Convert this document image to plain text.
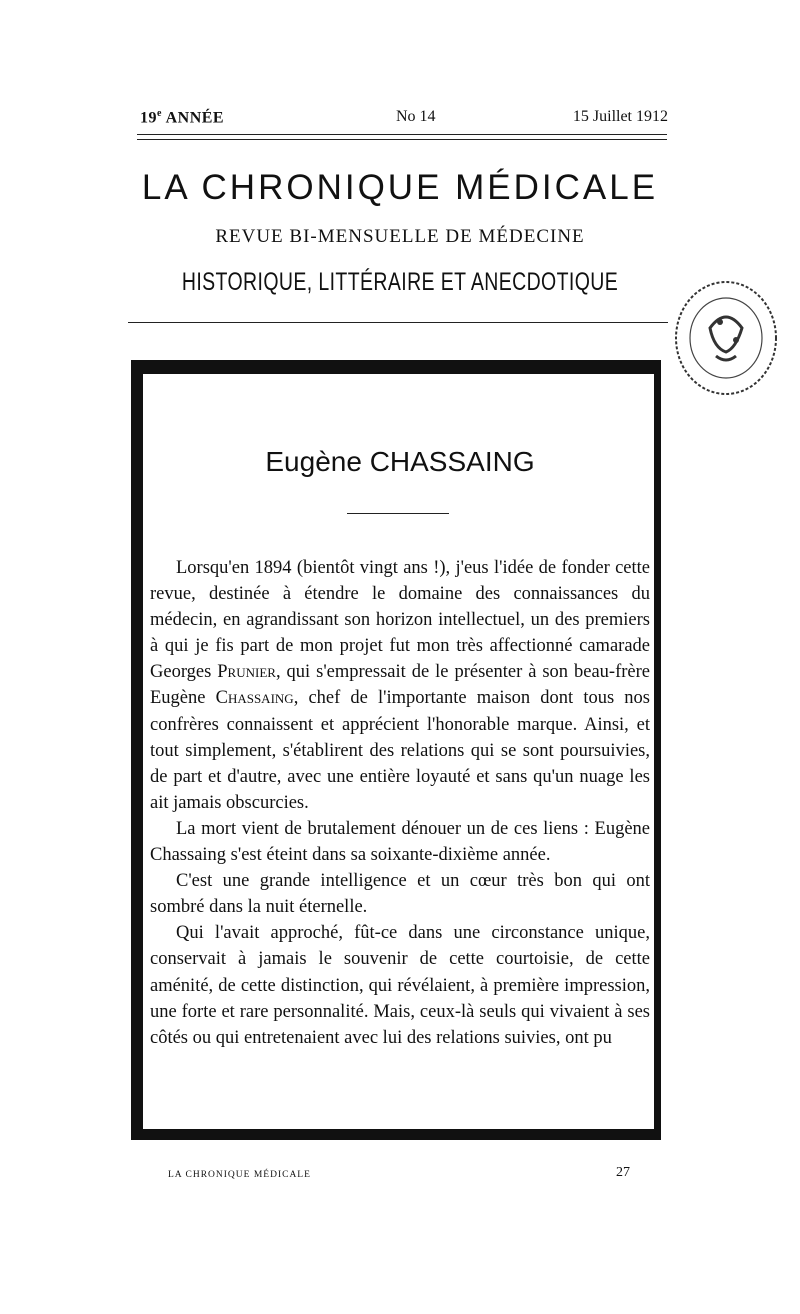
19e ANNÉE	No 14	15 Juillet 1912
LA CHRONIQUE MÉDICALE
REVUE BI-MENSUELLE DE MÉDECINE
HISTORIQUE, LITTÉRAIRE ET ANECDOTIQUE
Eugène CHASSAING

Lorsqu'en 1894 (bientôt vingt ans !), j'eus l'idée de fonder cette revue, destinée à étendre le domaine des connaissances du médecin, en agrandissant son horizon intellectuel, un des premiers à qui je fis part de mon projet fut mon très affectionné camarade Georges Prunier, qui s'empressait de le présenter à son beau-frère Eugène Chassaing, chef de l'importante maison dont tous nos confrères connaissent et apprécient l'honorable marque. Ainsi, et tout simplement, s'établirent des relations qui se sont poursuivies, de part et d'autre, avec une entière loyauté et sans qu'un nuage les ait jamais obscurcies.

La mort vient de brutalement dénouer un de ces liens : Eugène Chassaing s'est éteint dans sa soixante-dixième année.

C'est une grande intelligence et un cœur très bon qui ont sombré dans la nuit éternelle.

Qui l'avait approché, fût-ce dans une circonstance unique, conservait à jamais le souvenir de cette courtoisie, de cette aménité, de cette distinction, qui révélaient, à première impression, une forte et rare personnalité. Mais, ceux-là seuls qui vivaient à ses côtés ou qui entretenaient avec lui des relations suivies, ont pu

LA CHRONIQUE MÉDICALE	27
